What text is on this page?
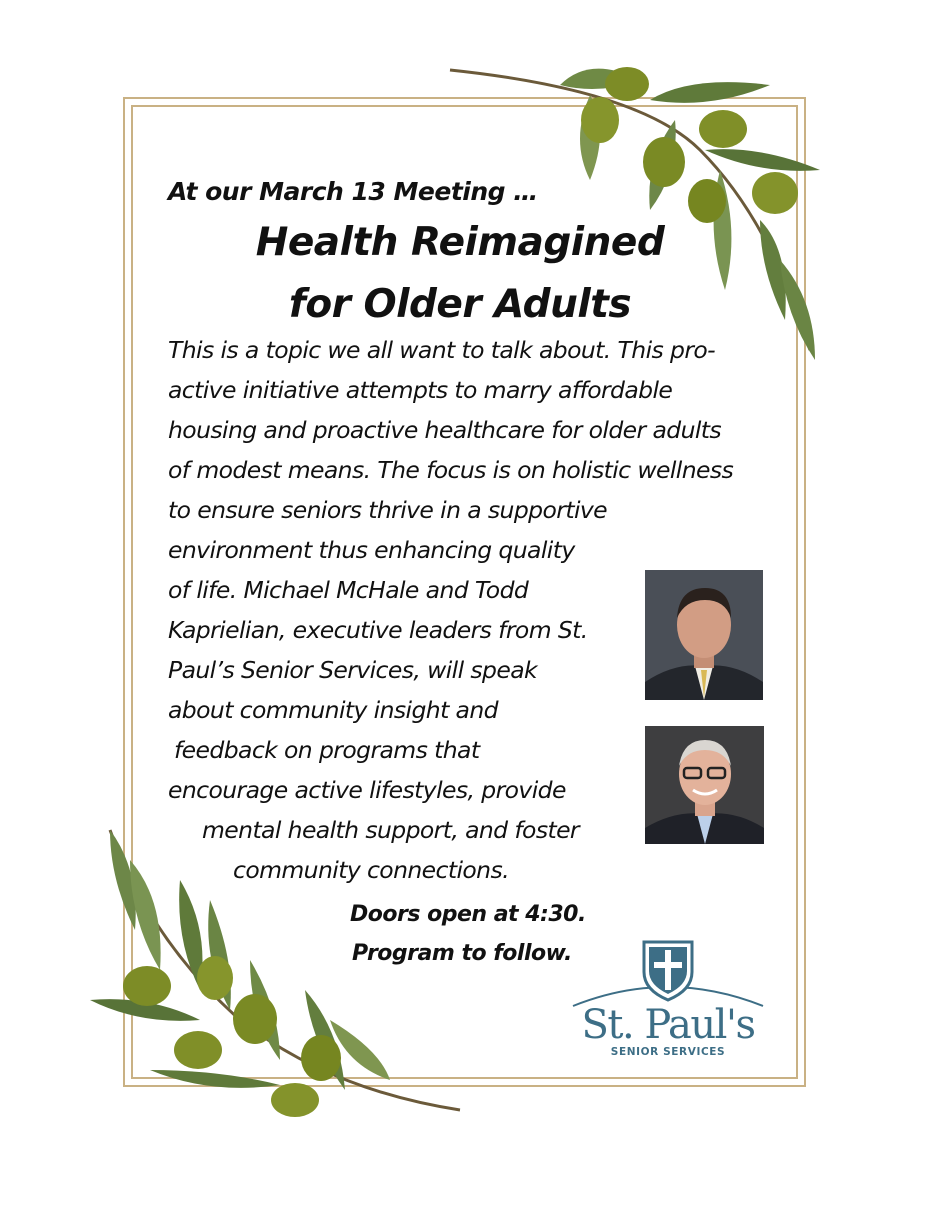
At our March 13 Meeting …
Health Reimagined
for Older Adults
This is a topic we all want to talk about. This pro-
active initiative attempts to marry affordable
housing and proactive healthcare for older adults
of modest means. The focus is on holistic wellness
to ensure seniors thrive in a supportive
environment thus enhancing quality
of life. Michael McHale and Todd
Kaprielian, executive leaders from St.
Paul’s Senior Services, will speak
about community insight and
feedback on programs that
encourage active lifestyles, provide
mental health support, and foster
community connections.
Doors open at 4:30.
Program to follow.
St. Paul's
SENIOR SERVICES
